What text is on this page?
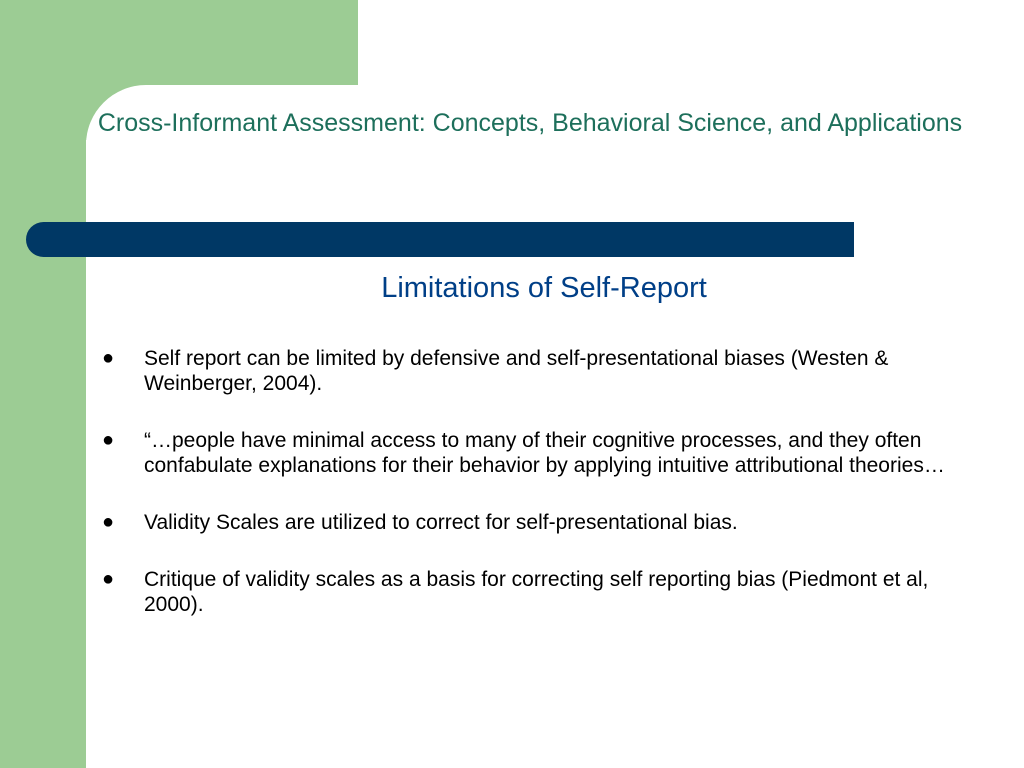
Cross-Informant Assessment: Concepts, Behavioral Science, and Applications
Limitations of Self-Report
● Self report can be limited by defensive and self-presentational biases (Westen & Weinberger, 2004).
● “…people have minimal access to many of their cognitive processes, and they often confabulate explanations for their behavior by applying intuitive attributional theories…
● Validity Scales are utilized to correct for self-presentational bias.
● Critique of validity scales as a basis for correcting self reporting bias (Piedmont et al, 2000).
